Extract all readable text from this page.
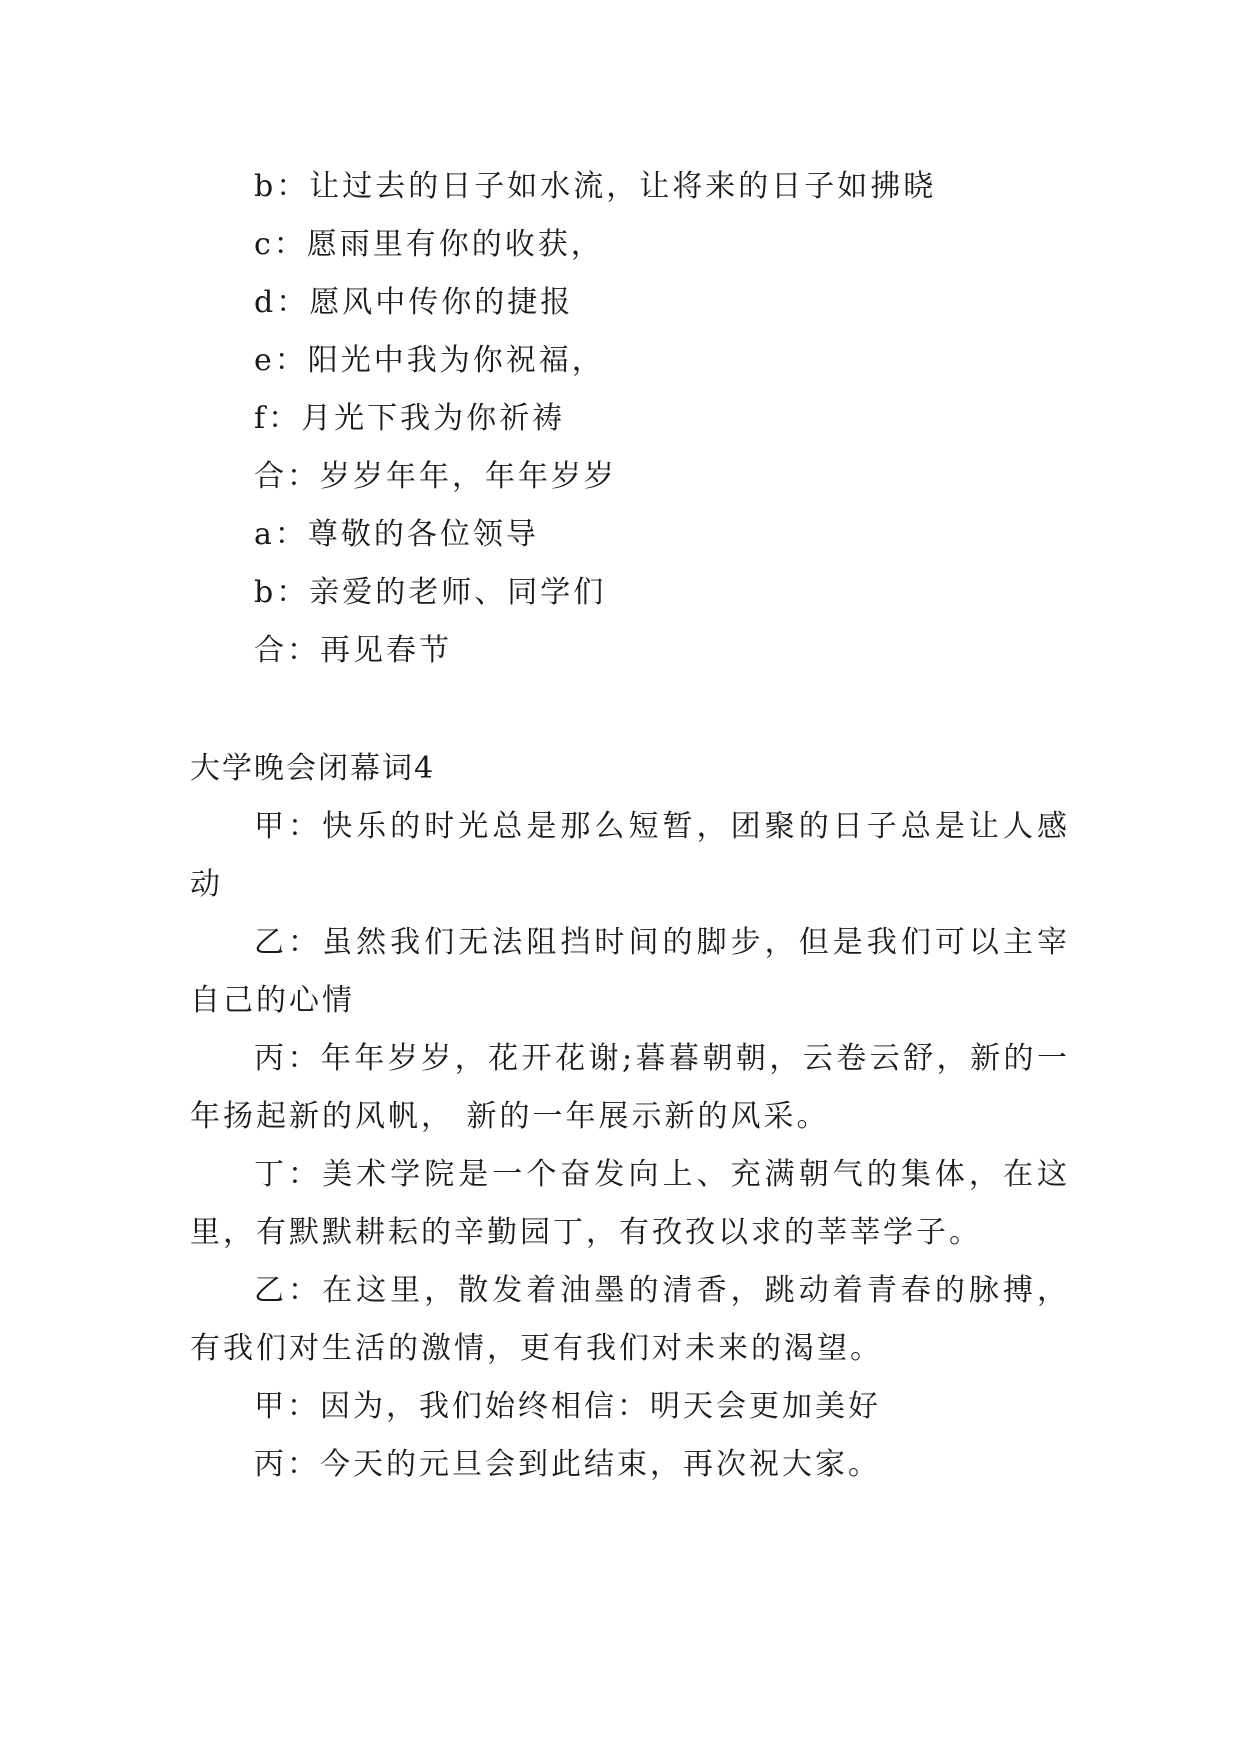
b：让过去的日子如水流，让将来的日子如拂晓
c：愿雨里有你的收获，
d：愿风中传你的捷报
e：阳光中我为你祝福，
f：月光下我为你祈祷
合：岁岁年年，年年岁岁
a：尊敬的各位领导
b：亲爱的老师、同学们
合：再见春节
大学晚会闭幕词4
甲：快乐的时光总是那么短暂，团聚的日子总是让人感动
乙：虽然我们无法阻挡时间的脚步，但是我们可以主宰自己的心情
丙：年年岁岁，花开花谢;暮暮朝朝，云卷云舒，新的一年扬起新的风帆， 新的一年展示新的风采。
丁：美术学院是一个奋发向上、充满朝气的集体，在这里，有默默耕耘的辛勤园丁，有孜孜以求的莘莘学子。
乙：在这里，散发着油墨的清香，跳动着青春的脉搏，有我们对生活的激情，更有我们对未来的渴望。
甲：因为，我们始终相信：明天会更加美好
丙：今天的元旦会到此结束，再次祝大家。
